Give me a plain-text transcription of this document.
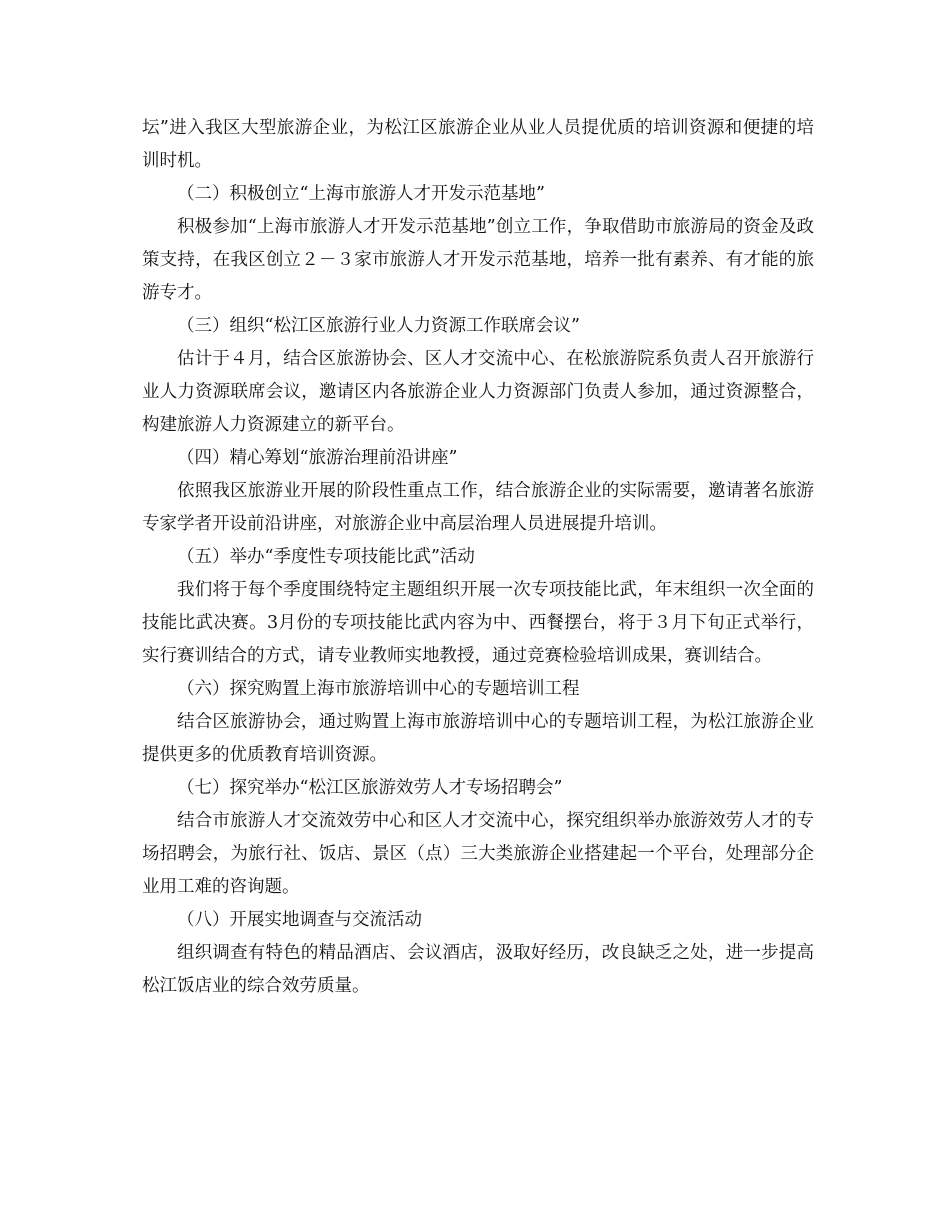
坛”进入我区大型旅游企业，为松江区旅游企业从业人员提优质的培训资源和便捷的培训时机。

（二）积极创立“上海市旅游人才开发示范基地”

积极参加“上海市旅游人才开发示范基地”创立工作，争取借助市旅游局的资金及政策支持，在我区创立２－３家市旅游人才开发示范基地，培养一批有素养、有才能的旅游专才。

（三）组织“松江区旅游行业人力资源工作联席会议”

估计于４月，结合区旅游协会、区人才交流中心、在松旅游院系负责人召开旅游行业人力资源联席会议，邀请区内各旅游企业人力资源部门负责人参加，通过资源整合，构建旅游人力资源建立的新平台。

（四）精心筹划“旅游治理前沿讲座”

依照我区旅游业开展的阶段性重点工作，结合旅游企业的实际需要，邀请著名旅游专家学者开设前沿讲座，对旅游企业中高层治理人员进展提升培训。

（五）举办“季度性专项技能比武”活动

我们将于每个季度围绕特定主题组织开展一次专项技能比武，年末组织一次全面的技能比武决赛。3月份的专项技能比武内容为中、西餐摆台，将于３月下旬正式举行，实行赛训结合的方式，请专业教师实地教授，通过竞赛检验培训成果，赛训结合。

（六）探究购置上海市旅游培训中心的专题培训工程

结合区旅游协会，通过购置上海市旅游培训中心的专题培训工程，为松江旅游企业提供更多的优质教育培训资源。

（七）探究举办“松江区旅游效劳人才专场招聘会”

结合市旅游人才交流效劳中心和区人才交流中心，探究组织举办旅游效劳人才的专场招聘会，为旅行社、饭店、景区（点）三大类旅游企业搭建起一个平台，处理部分企业用工难的咨询题。

（八）开展实地调查与交流活动

组织调查有特色的精品酒店、会议酒店，汲取好经历，改良缺乏之处，进一步提高松江饭店业的综合效劳质量。
